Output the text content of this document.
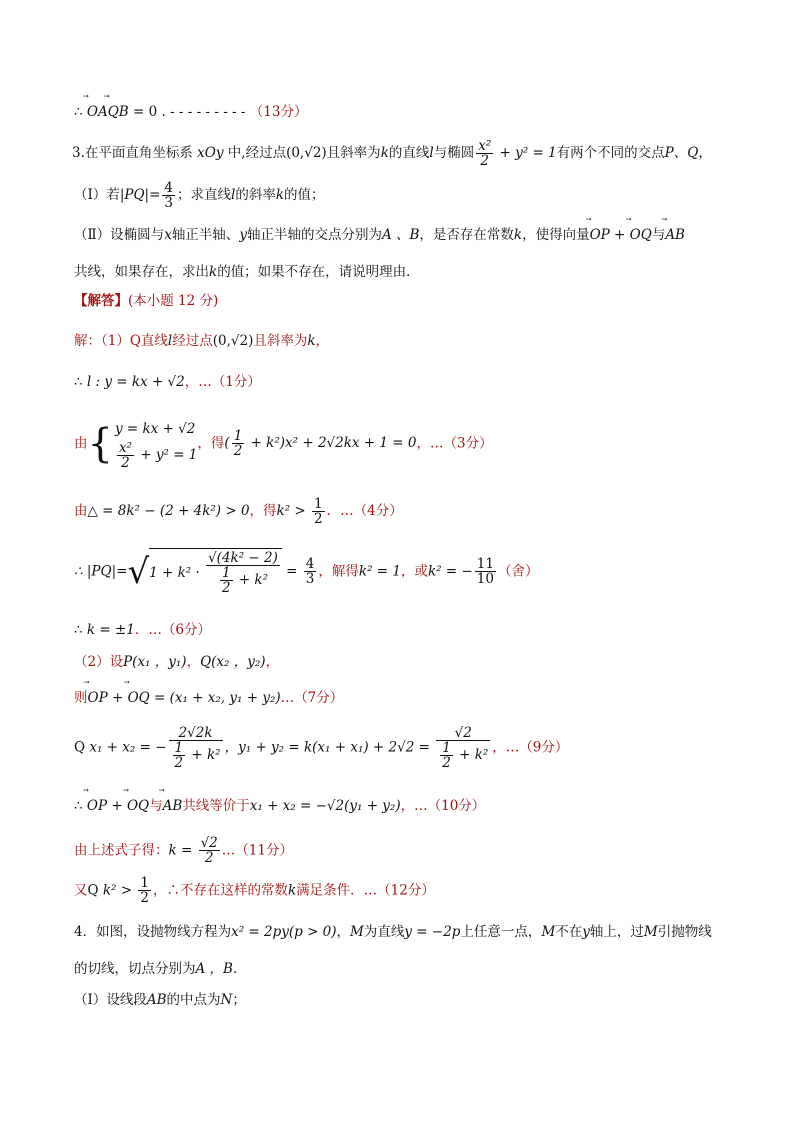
∴ ⃗ OA⃗ QB = 0 . - - - - - - - - - （13分）
3.在平面直角坐标系 xOy 中,经过点(0,√2)且斜率为k的直线l与椭圆 $\frac{\text{x²}}{2} + y^2 = 1$有两个不同的交点P、Q，
（Ⅰ）若$|PQ|= \frac{4}{3}$ ；求直线l的斜率k的值；
（Ⅱ）设椭圆与x轴正半轴、y轴正半轴的交点分别为A 、B，是否存在常数k，使得向量⃗ OP + ⃗ OQ与⃗ AB
共线，如果存在，求出k的值；如果不存在，请说明理由．
【解答】(本小题 12 分)
解：（1）Q直线l经过点(0,√2)且斜率为k，
∴ l : y = kx + √2，…（1分）
由{ y = kx + √2
$\frac{\text{x²}}{2} + y^2 = 1$
，得( $\frac{1}{2} + k^2)x^2 + 2√2kx + 1 = 0$，…（3分）
由△ = 8k² − (2 + 4k²) > 0，得$k^2 > \frac{1}{2}$ ．…（4分）
∴ $|PQ|=√1 + k^2 \cdot \frac{\text{√(4k² − 2)}}{\frac{1}{2} + k^2} = \frac{4}{3}$ ，解得k² = 1，或k² = − $\frac{11}{10}$ （舍）
∴ k = ±1．…（6分）
（2）设P(x₁ ，y₁)，Q(x₂ ，y₂)，
则⃗ OP + ⃗ OQ = (x₁ + x₂, y₁ + y₂)…（7分）
Q x₁ + x₂ = − $\frac{2√2k}{\frac{1}{2} + k^2}$ ，$y_1 + y_2 = k(x_1 + x_1) + 2√2 = \frac{√2}{\frac{1}{2} + k^2}$ ，…（9分）
∴ ⃗ OP + ⃗ OQ与⃗ AB共线等价于x₁ + x₂ = −√2(y₁ + y₂)，…（10分）
由上述式子得：$k = \frac{√2}{2}$ …（11分）
又Q $k^2 > \frac{1}{2}$ ，∴不存在这样的常数k满足条件．…（12分）
4．如图，设抛物线方程为x² = 2py(p > 0)，M为直线y = −2p上任意一点，M不在y轴上，过M引抛物线
的切线，切点分别为A ，B．
（Ⅰ）设线段AB的中点为N；
